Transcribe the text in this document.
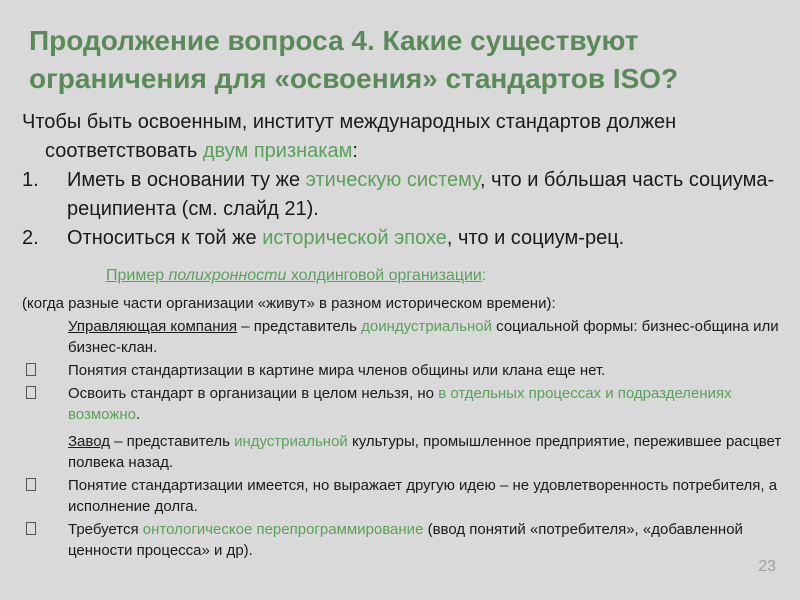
Продолжение вопроса 4. Какие существуют ограничения для «освоения» стандартов ISO?
Чтобы быть освоенным, институт международных стандартов должен соответствовать двум признакам:
1. Иметь в основании ту же этическую систему, что и бóльшая часть социума-реципиента (см. слайд 21).
2. Относиться к той же исторической эпохе, что и социум-рец.
Пример полихронности холдинговой организации:
(когда разные части организации «живут» в разном историческом времени):
Управляющая компания – представитель доиндустриальной социальной формы: бизнес-община или бизнес-клан.
Понятия стандартизации в картине мира членов общины или клана еще нет.
Освоить стандарт в организации в целом нельзя, но в отдельных процессах и подразделениях возможно.
Завод – представитель индустриальной культуры, промышленное предприятие, пережившее расцвет полвека назад.
Понятие стандартизации имеется, но выражает другую идею – не удовлетворенность потребителя, а исполнение долга.
Требуется онтологическое перепрограммирование (ввод понятий «потребителя», «добавленной ценности процесса» и др).
23
